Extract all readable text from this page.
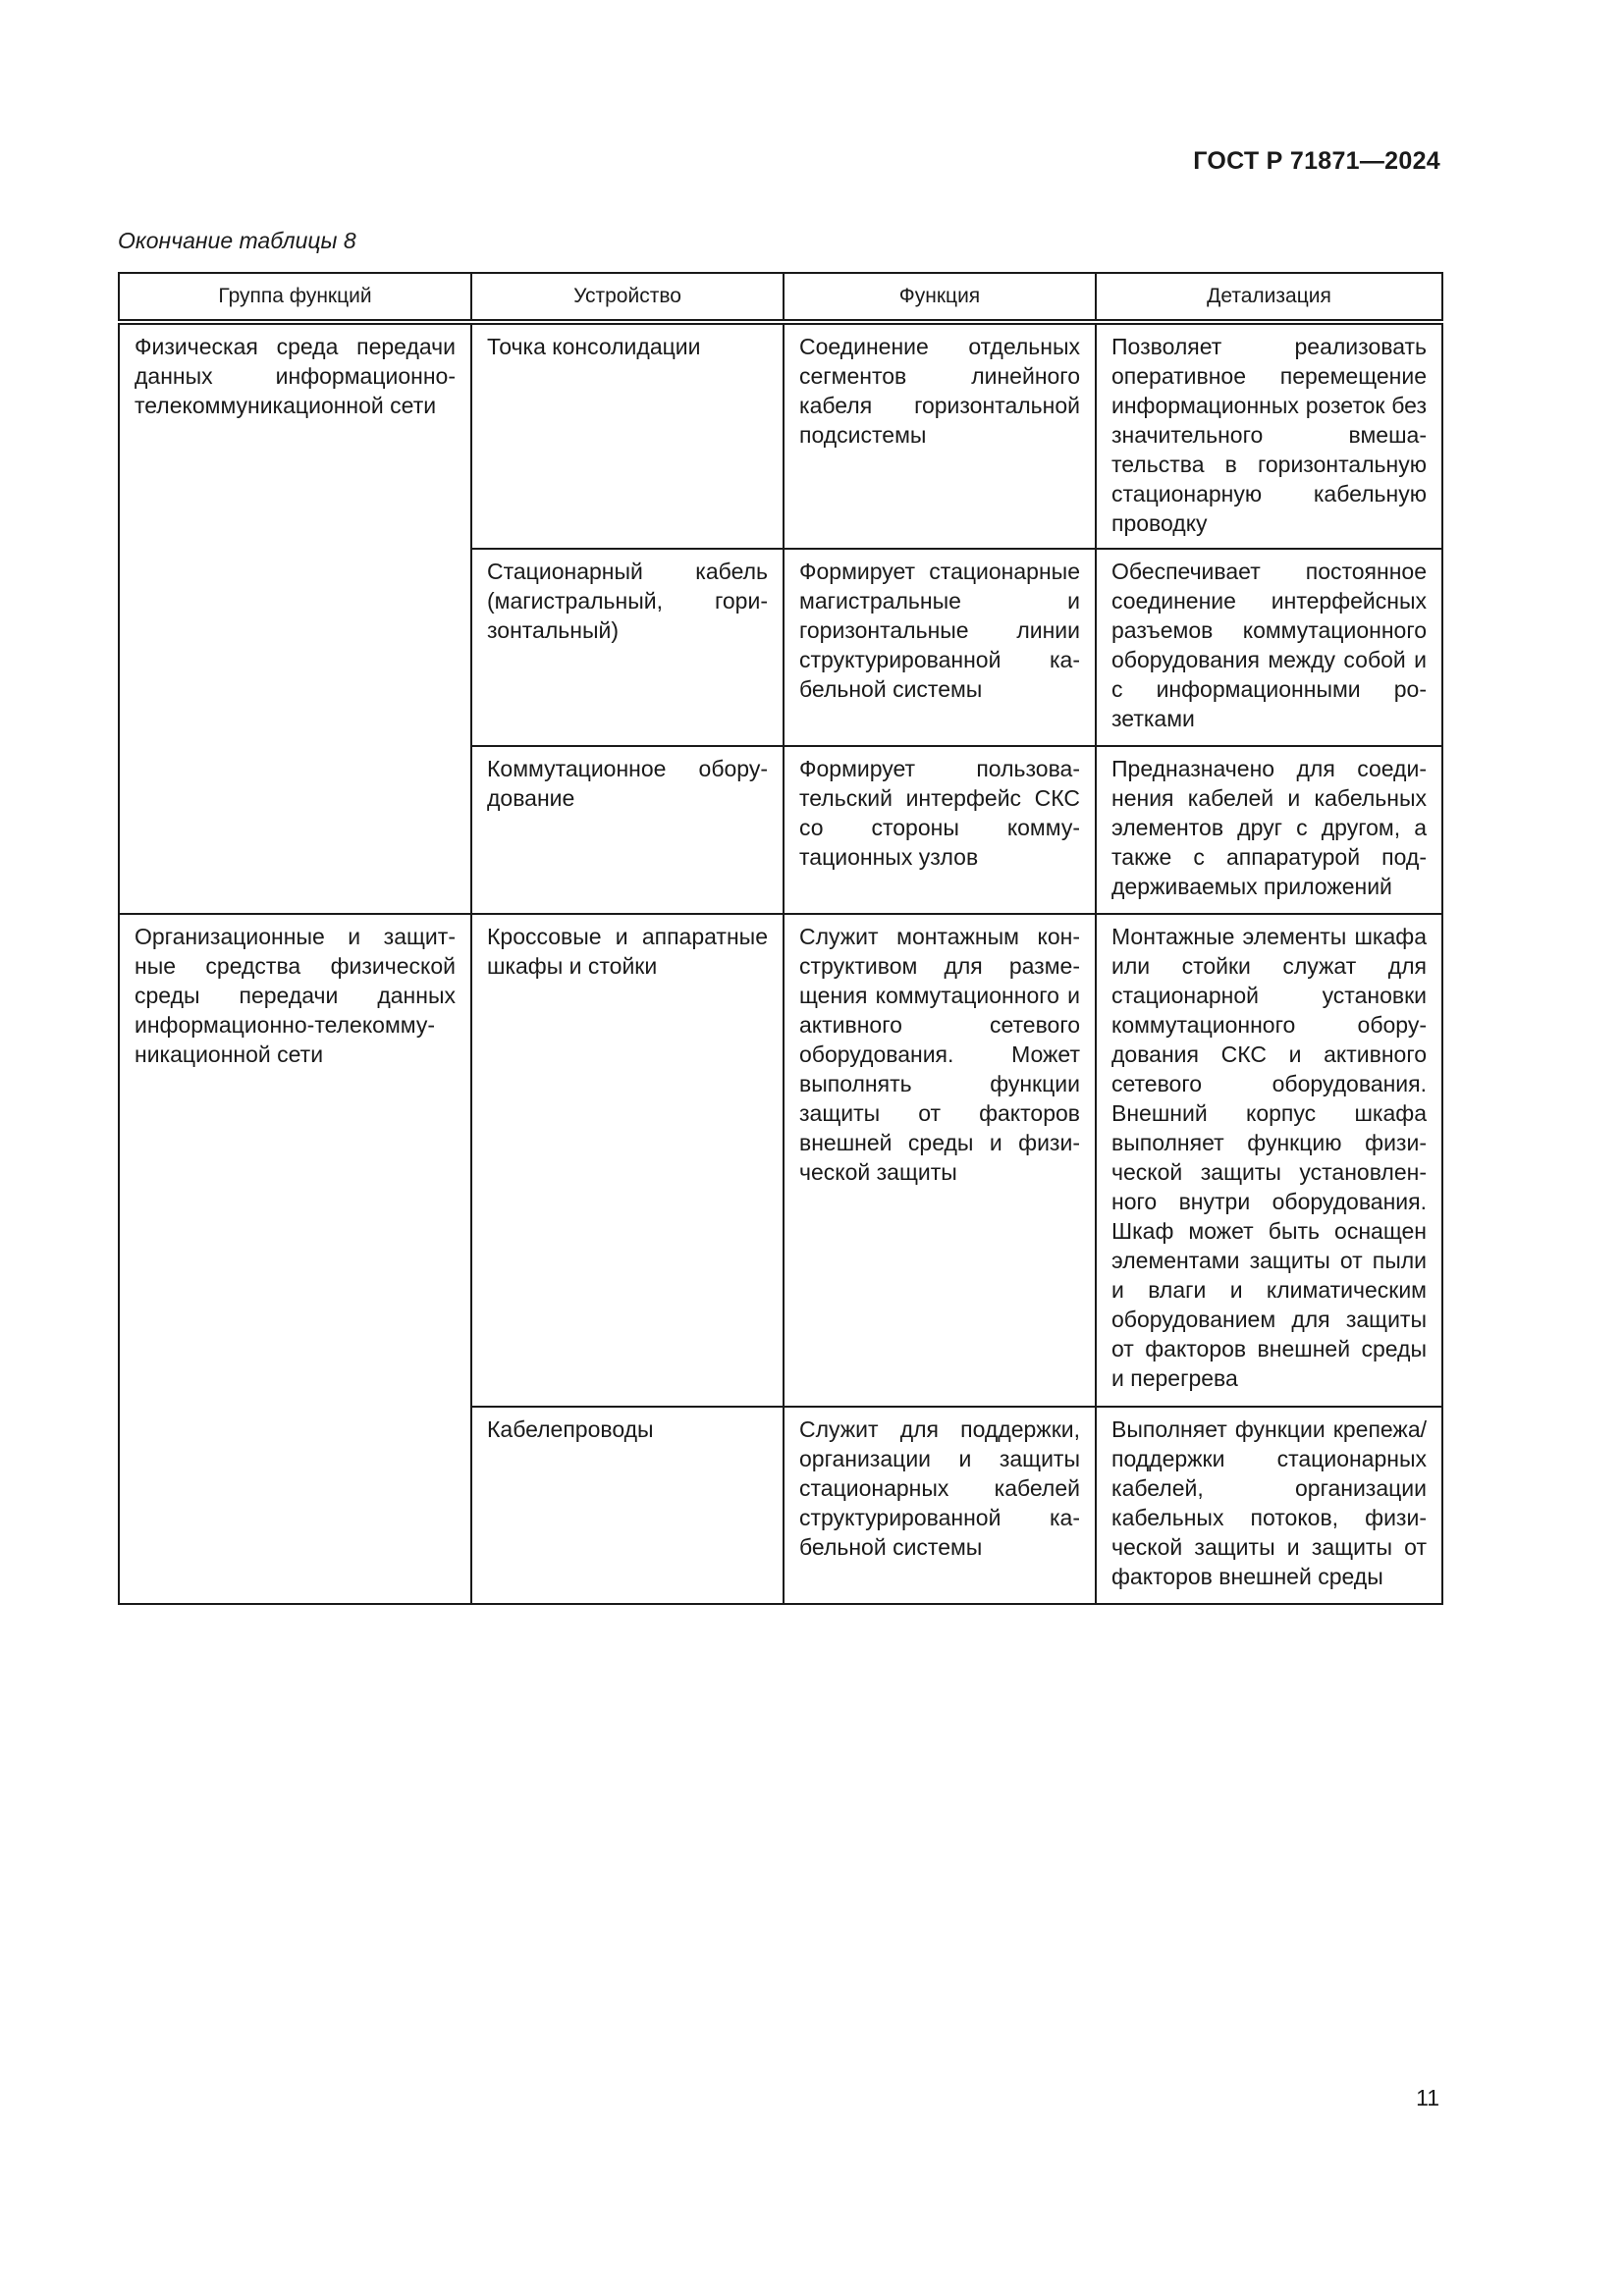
ГОСТ Р 71871—2024
Окончание таблицы 8
Группа функций	Устройство	Функция	Детализация
Физическая среда передачи данных информационно-телекоммуникационной сети	Точка консолидации	Соединение отдельных сегментов линейного кабеля горизонтальной подсистемы	Позволяет реализовать оперативное перемещение информационных розеток без значительного вмешательства в горизонтальную стационарную кабельную проводку
	Стационарный кабель (магистральный, горизонтальный)	Формирует стационарные магистральные и горизонтальные линии структурированной кабельной системы	Обеспечивает постоянное соединение интерфейсных разъемов коммутационного оборудования между собой и с информационными розетками
	Коммутационное оборудование	Формирует пользовательский интерфейс СКС со стороны коммутационных узлов	Предназначено для соединения кабелей и кабельных элементов друг с другом, а также с аппаратурой поддерживаемых приложений
Организационные и защитные средства физической среды передачи данных информационно-телекоммуникационной сети	Кроссовые и аппаратные шкафы и стойки	Служит монтажным конструктивом для размещения коммутационного и активного сетевого оборудования. Может выполнять функции защиты от факторов внешней среды и физической защиты	Монтажные элементы шкафа или стойки служат для стационарной установки коммутационного оборудования СКС и активного сетевого оборудования. Внешний корпус шкафа выполняет функцию физической защиты установленного внутри оборудования. Шкаф может быть оснащен элементами защиты от пыли и влаги и климатическим оборудованием для защиты от факторов внешней среды и перегрева
	Кабелепроводы	Служит для поддержки, организации и защиты стационарных кабелей структурированной кабельной системы	Выполняет функции крепежа/поддержки стационарных кабелей, организации кабельных потоков, физической защиты и защиты от факторов внешней среды
11
